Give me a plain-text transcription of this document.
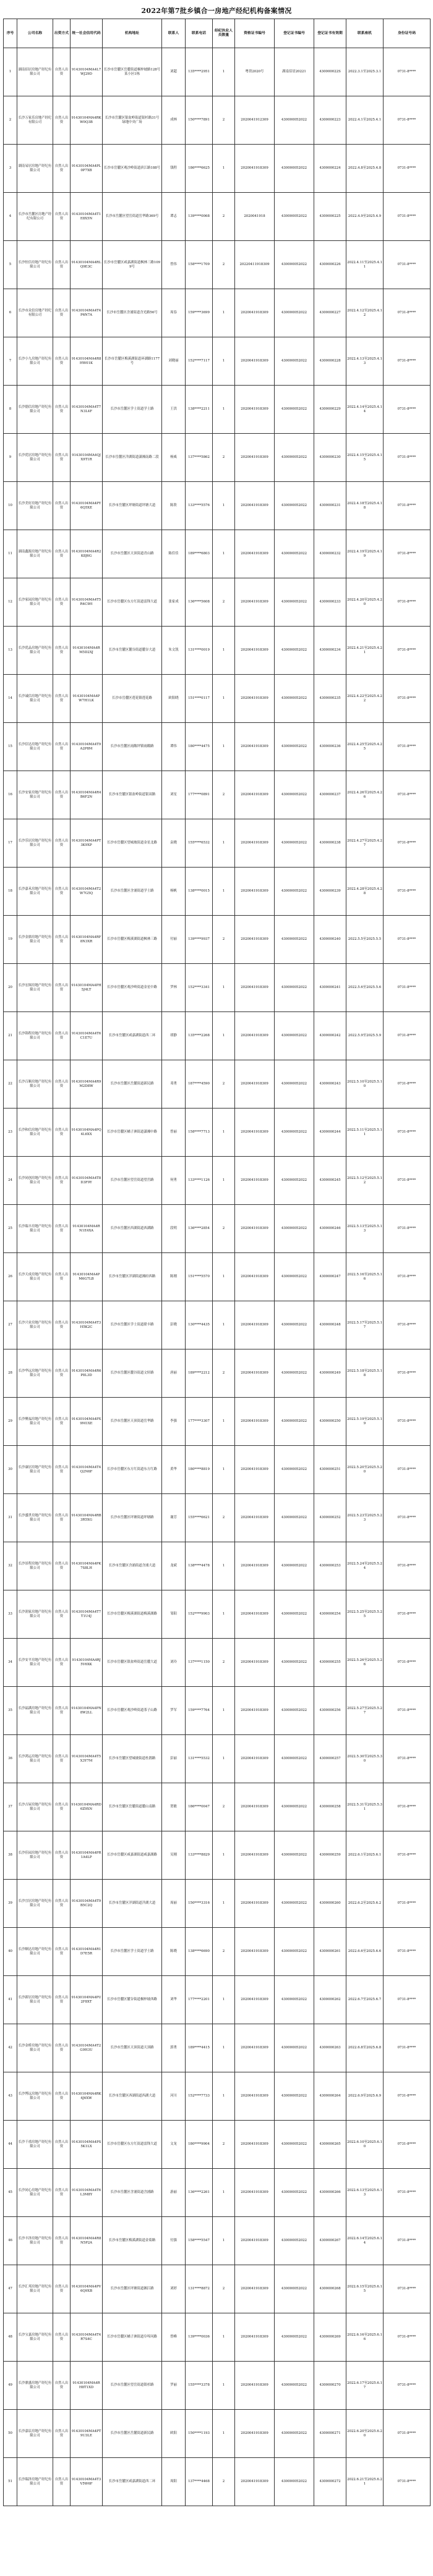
2022年第7批乡镇合一房地产经纪机构备案情况
序号	公司名称	出资方式	统一社会信用代码	机构地址	联系人	联系电话	经纪执业人员数量	资格证书编号	登记证书编号	登记证书有效期	联系座机	身份证号码
1	湖南佰居房地产经纪有限公司	自然人出资	91430104MA4L7WJ29D	长沙市岳麓区岳麓街道桐梓坡路128号某小区1栋	刘超	135****2951	1	粤资2020号	湖南佰居20221	430000022S	2022.3.1至2025.3.1	0731-8****
2	长沙万家乐房地产经纪有限公司	自然人出资	91430104MA4RKW0Q3B	长沙市岳麓区银盆岭街道银杉路31号绿地中央广场	成林	150****7891	2	2020041912309	430000052022	4300000223	2022.4.1至2025.4.1	0731-8****
3	湖南易居房地产经纪有限公司	自然人出资	91430104MA4PL0P7XB	长沙市岳麓区观沙岭街道滨江路188号	钱程	186****6625	1	2020041918309	430000052022	4300000224	2022.4.8至2025.4.8	0731-8****
4	长沙市岳麓区房地产经纪有限公司	自然人出资	91430104MA4T1E8X5N	长沙市岳麓区望岳街道岳华路369号	谭志	139****0068	2	2020041918	430000052022	4300000225	2022.4.9至2025.4.9	0731-8****
5	长沙恒信房地产经纪有限公司	自然人出资	91430104MA4RLQ9E3C	长沙市岳麓区咸嘉湖街道枫林三路1099号	曾伟	158****1709	2	20220411918309	430000052022	4300000226	2022.4.11至2025.4.11	0731-8****
6	长沙市众信房地产经纪有限公司	自然人出资	91430104MA4T4P6N7A	长沙市岳麓区含浦街道含光路56号	周春	159****3699	1	2020041918309	430000052022	4300000227	2022.4.12至2025.4.12	0731-8****
7	长沙小九房地产经纪有限公司	自然人出资	91430104MA4R8HW01K	长沙市岳麓区梅溪湖街道环湖路1177号	刘晓丽	152****7117	1	2020041918309	430000052022	4300000228	2022.4.13至2025.4.13	0731-8****
8	长沙德信房地产经纪有限公司	自然人出资	91430104MA4T7N3L4F	长沙市岳麓区学士街道学士路	王洪	138****2211	1	2020041918309	430000052022	4300000229	2022.4.14至2025.4.14	0731-8****
9	长沙优居房地产经纪有限公司	自然人出资	91430104MA4QJX9T1R	长沙市岳麓区洋湖街道潇湘南路二段	杨威	137****5862	2	2020041918309	430000052022	4300000230	2022.4.15至2025.4.15	0731-8****
10	长沙美好房地产经纪有限公司	自然人出资	91430104MA4PY6Q5XE	长沙市岳麓区坪塘街道坪塘大道	陈欣	133****5576	1	2020041918309	430000052022	4300000231	2022.4.18至2025.4.18	0731-8****
11	湖南鑫源房地产经纪有限公司	自然人出资	91430104MA4R2K8J6G	长沙市岳麓区天顶街道青山路	陈佳佳	189****6803	1	2020041918309	430000052022	4300000232	2022.4.19至2025.4.19	0731-8****
12	长沙家园房地产经纪有限公司	自然人出资	91430104MA4T5R4C9H	长沙市岳麓区东方红街道雷锋大道	张家成	136****5608	2	2020041918309	430000052022	4300000233	2022.4.20至2025.4.20	0731-8****
13	长沙优品房地产经纪有限公司	自然人出资	91430104MA4RM5D2XJ	长沙市岳麓区麓谷街道麓谷大道	朱文凯	131****0019	1	2020041918309	430000052022	4300000234	2022.4.21至2025.4.21	0731-8****
14	长沙诚信房地产经纪有限公司	自然人出资	91430104MA4PW7H1LK	长沙市岳麓区莲花镇莲花路	欧阳晓	151****0117	1	2020041918309	430000052022	4300000235	2022.4.22至2025.4.22	0731-8****
15	长沙信达房地产经纪有限公司	自然人出资	91430104MA4T9A2P8M	长沙市岳麓区雨敞坪镇雨敞路	谭伟	180****4475	1	2020041918309	430000052022	4300000236	2022.4.25至2025.4.25	0731-8****
16	长沙安家房地产经纪有限公司	自然人出资	91430104MA4R4B6F2N	长沙市岳麓区银盆岭街道银双路	刘星	177****0891	2	2020041918309	430000052022	4300000237	2022.4.26至2025.4.26	0731-8****
17	长沙乐居房地产经纪有限公司	自然人出资	91430104MA4PT3K9XP	长沙市岳麓区望城坡街道金星北路	袁晓	155****6532	1	2020041918309	430000052022	4300000238	2022.4.27至2025.4.27	0731-8****
18	长沙嘉禾房地产经纪有限公司	自然人出资	91430104MA4T2W7G5Q	长沙市岳麓区含浦街道学士路	杨帆	138****0015	1	2020041918309	430000052022	4300000239	2022.4.28至2025.4.28	0731-8****
19	长沙金鼎房地产经纪有限公司	自然人出资	91430104MA4RF8N3XR	长沙市岳麓区梅溪湖街道枫林三路	付丽	139****9937	2	2020041918309	430000052022	4300000240	2022.5.5至2025.5.5	0731-8****
20	长沙宏图房地产经纪有限公司	自然人出资	91430104MA4PH5J4LT	长沙市岳麓区观沙岭街道金星中路	罗林	152****3341	1	2020041918309	430000052022	4300000241	2022.5.6至2025.5.6	0731-8****
21	长沙锦程房地产经纪有限公司	自然人出资	91430104MA4T6C1E7U	长沙市岳麓区咸嘉湖街道西二环	胡静	135****2268	1	2020041918309	430000052022	4300000242	2022.5.9至2025.5.9	0731-8****
22	长沙百顺房地产经纪有限公司	自然人出资	91430104MA4R9M2D8W	长沙市岳麓区岳麓街道新民路	邓勇	187****4590	2	2020041918309	430000052022	4300000243	2022.5.10至2025.5.10	0731-8****
23	长沙和信房地产经纪有限公司	自然人出资	91430104MA4PQ4L6XX	长沙市岳麓区橘子洲街道潇湘中路	曾丽	158****7713	1	2020041918309	430000052022	4300000244	2022.5.11至2025.5.11	0731-8****
24	长沙同创房地产经纪有限公司	自然人出资	91430104MA4T8D3F9Y	长沙市岳麓区望岳街道望岳路	何勇	133****1126	1	2020041918309	430000052022	4300000245	2022.5.12至2025.5.12	0731-8****
25	长沙瑞丰房地产经纪有限公司	自然人出资	91430104MA4RN1E4XA	长沙市岳麓区西湖街道西湖路	段明	136****2854	2	2020041918309	430000052022	4300000246	2022.5.13至2025.5.13	0731-8****
26	长沙天成房地产经纪有限公司	自然人出资	91430104MA4PM6G7LB	长沙市岳麓区洋湖街道湘府西路	陈刚	151****5570	1	2020041918309	430000052022	4300000247	2022.5.16至2025.5.16	0731-8****
27	长沙兴业房地产经纪有限公司	自然人出资	91430104MA4T3H5K2C	长沙市岳麓区学士街道联丰路	彭晓	130****4435	1	2020041918309	430000052022	4300000248	2022.5.17至2025.5.17	0731-8****
28	长沙华远房地产经纪有限公司	自然人出资	91430104MA4R6P8L3D	长沙市岳麓区麓谷街道文轩路	唐丽	189****2212	2	2020041918309	430000052022	4300000249	2022.5.18至2025.5.18	0731-8****
29	长沙聚福房地产经纪有限公司	自然人出资	91430104MA4PX9M1XE	长沙市岳麓区天顶街道岳华路	李强	177****3307	1	2020041918309	430000052022	4300000250	2022.5.19至2025.5.19	0731-8****
30	长沙康居房地产经纪有限公司	自然人出资	91430104MA4T4Q2N6F	长沙市岳麓区东方红街道东方红路	黄华	180****8819	1	2020041918309	430000052022	4300000251	2022.5.20至2025.5.20	0731-8****
31	长沙盛世房地产经纪有限公司	自然人出资	91430104MA4RB3R5XG	长沙市岳麓区坪塘街道坪塘路	谢芳	155****6621	2	2020041918309	430000052022	4300000252	2022.5.23至2025.5.23	0731-8****
32	长沙景程房地产经纪有限公司	自然人出资	91430104MA4PK7S8LH	长沙市岳麓区含浦街道含浦大道	龙斌	138****4478	1	2020041918309	430000052022	4300000253	2022.5.24至2025.5.24	0731-8****
33	长沙润家房地产经纪有限公司	自然人出资	91430104MA4T7T1U4J	长沙市岳麓区梅溪湖街道梅溪湖路	邹阳	152****9903	1	2020041918309	430000052022	4300000254	2022.5.25至2025.5.25	0731-8****
34	长沙安平房地产经纪有限公司	自然人出资	91430104MA4RJ5V6XK	长沙市岳麓区银盆岭街道岳麓大道	刘玲	137****1150	2	2020041918309	430000052022	4300000255	2022.5.26至2025.5.26	0731-8****
35	长沙福满房地产经纪有限公司	自然人出资	91430104MA4PN8W2LL	长沙市岳麓区观沙岭街道茶子山路	罗军	159****7764	1	2020041918309	430000052022	4300000256	2022.5.27至2025.5.27	0731-8****
36	长沙鸿运房地产经纪有限公司	自然人出资	91430104MA4T5X3Y7M	长沙市岳麓区望城坡街道杜鹃路	彭丽	131****5532	1	2020041918309	430000052022	4300000257	2022.5.30至2025.5.30	0731-8****
37	长沙吉屋房地产经纪有限公司	自然人出资	91430104MA4RD6Z9XN	长沙市岳麓区岳麓街道麓山南路	贺敏	186****0047	2	2020041918309	430000052022	4300000258	2022.5.31至2025.5.31	0731-8****
38	长沙佳园房地产经纪有限公司	自然人出资	91430104MA4PR1A4LP	长沙市岳麓区咸嘉湖街道咸嘉湖路	吴刚	133****8829	1	2020041918309	430000052022	4300000259	2022.6.1至2025.6.1	0731-8****
39	长沙宜居房地产经纪有限公司	自然人出资	91430104MA4T9B5C2Q	长沙市岳麓区洋湖街道洋湖大道	周丽	150****3316	1	2020041918309	430000052022	4300000260	2022.6.2至2025.6.2	0731-8****
40	长沙顺达房地产经纪有限公司	自然人出资	91430104MA4R1D7E5R	长沙市岳麓区学士街道学士路	陈晓	138****6690	2	2020041918309	430000052022	4300000261	2022.6.6至2025.6.6	0731-8****
41	长沙新居房地产经纪有限公司	自然人出资	91430104MA4PU2F8XT	长沙市岳麓区麓谷街道桐梓坡西路	刘华	177****2201	1	2020041918309	430000052022	4300000262	2022.6.7至2025.6.7	0731-8****
42	长沙金桥房地产经纪有限公司	自然人出资	91430104MA4T2G9H3U	长沙市岳麓区天顶街道天顶路	郭勇	189****4415	1	2020041918309	430000052022	4300000263	2022.6.8至2025.6.8	0731-8****
43	长沙博远房地产经纪有限公司	自然人出资	91430104MA4RK4J6XW	长沙市岳麓区西湖街道西湖大道	河川	152****7733	1	2020041918309	430000052022	4300000264	2022.6.9至2025.6.9	0731-8****
44	长沙千禧房地产经纪有限公司	自然人出资	91430104MA4PS5K1LX	长沙市岳麓区东方红街道雷锋大道	文龙	180****9904	2	2020041918309	430000052022	4300000265	2022.6.10至2025.6.10	0731-8****
45	长沙同心房地产经纪有限公司	自然人出资	91430104MA4T6L3M8Y	长沙市岳麓区含浦街道含浦路	游丽	136****2261	1	2020041918309	430000052022	4300000266	2022.6.13至2025.6.13	0731-8****
46	长沙丰泽房地产经纪有限公司	自然人出资	91430104MA4R8N5P2A	长沙市岳麓区梅溪湖街道金菊路	付强	158****5547	1	2020041918309	430000052022	4300000267	2022.6.14至2025.6.14	0731-8****
47	长沙汇邦房地产经纪有限公司	自然人出资	91430104MA4PV6Q9XB	长沙市岳麓区坪塘街道湘江路	刘婷	131****8872	2	2020041918309	430000052022	4300000268	2022.6.15至2025.6.15	0731-8****
48	长沙宝嘉房地产经纪有限公司	自然人出资	91430104MA4T4R7S4C	长沙市岳麓区橘子洲街道阜埠河路	曾峰	139****0036	1	2020041918309	430000052022	4300000269	2022.6.16至2025.6.16	0731-8****
49	长沙鼎盛房地产经纪有限公司	自然人出资	91430104MA4RH8T1XD	长沙市岳麓区望岳街道银杉路	罗丽	155****3378	1	2020041918309	430000052022	4300000270	2022.6.17至2025.6.17	0731-8****
50	长沙嘉宸房地产经纪有限公司	自然人出资	91430104MA4PT9U3LE	长沙市岳麓区岳麓街道新民路	欧阳	150****1193	1	2020041918309	430000052022	4300000271	2022.6.20至2025.6.20	0731-8****
51	长沙瑞泽房地产经纪有限公司	自然人出资	91430104MA4T3V5W6F	长沙市岳麓区咸嘉湖街道西二环	周阳	137****4468	2	2020041918309	430000052022	4300000272	2022.6.21至2025.6.21	0731-8****
